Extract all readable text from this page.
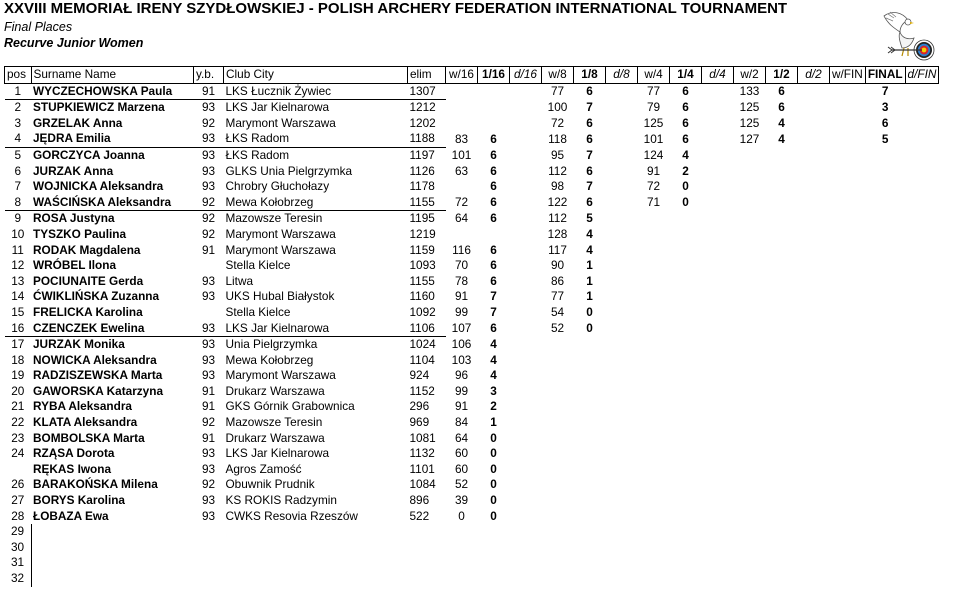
XXVIII MEMORIAŁ IRENY SZYDŁOWSKIEJ - POLISH ARCHERY FEDERATION INTERNATIONAL TOURNAMENT
Final Places
Recurve Junior Women
pos	Surname Name	y.b.	Club City	elim	w/16	1/16	d/16	w/8	1/8	d/8	w/4	1/4	d/4	w/2	1/2	d/2	w/FIN	FINAL	d/FIN
1	WYCZECHOWSKA Paula	91	LKS Łucznik Żywiec	1307				77	6		77	6		133	6			7	
2	STUPKIEWICZ Marzena	93	LKS Jar Kielnarowa	1212				100	7		79	6		125	6			3	
3	GRZELAK Anna	92	Marymont Warszawa	1202				72	6		125	6		125	4			6	
4	JĘDRA Emilia	93	ŁKS Radom	1188	83	6		118	6		101	6		127	4			5	
5	GORCZYCA Joanna	93	ŁKS Radom	1197	101	6		95	7		124	4							
6	JURZAK Anna	93	GLKS Unia Pielgrzymka	1126	63	6		112	6		91	2							
7	WOJNICKA Aleksandra	93	Chrobry Głuchołazy	1178		6		98	7		72	0							
8	WAŚCIŃSKA Aleksandra	92	Mewa Kołobrzeg	1155	72	6		122	6		71	0							
9	ROSA Justyna	92	Mazowsze Teresin	1195	64	6		112	5										
10	TYSZKO Paulina	92	Marymont Warszawa	1219				128	4										
11	RODAK Magdalena	91	Marymont Warszawa	1159	116	6		117	4										
12	WRÓBEL Ilona		Stella Kielce	1093	70	6		90	1										
13	POCIUNAITE Gerda	93	Litwa	1155	78	6		86	1										
14	ĆWIKLIŃSKA Zuzanna	93	UKS Hubal Białystok	1160	91	7		77	1										
15	FRELICKA Karolina		Stella Kielce	1092	99	7		54	0										
16	CZENCZEK Ewelina	93	LKS Jar Kielnarowa	1106	107	6		52	0										
17	JURZAK Monika	93	Unia Pielgrzymka	1024	106	4													
18	NOWICKA Aleksandra	93	Mewa Kołobrzeg	1104	103	4													
19	RADZISZEWSKA Marta	93	Marymont Warszawa	924	96	4													
20	GAWORSKA Katarzyna	91	Drukarz Warszawa	1152	99	3													
21	RYBA Aleksandra	91	GKS Górnik Grabownica	296	91	2													
22	KLATA Aleksandra	92	Mazowsze Teresin	969	84	1													
23	BOMBOLSKA Marta	91	Drukarz Warszawa	1081	64	0													
24	RZĄSA Dorota	93	LKS Jar Kielnarowa	1132	60	0													
	RĘKAS Iwona	93	Agros Zamość	1101	60	0													
26	BARAKOŃSKA Milena	92	Obuwnik Prudnik	1084	52	0													
27	BORYS Karolina	93	KS ROKIS Radzymin	896	39	0													
28	ŁOBAZA Ewa	93	CWKS Resovia Rzeszów	522	0	0													
29																			
30																			
31																			
32																			
